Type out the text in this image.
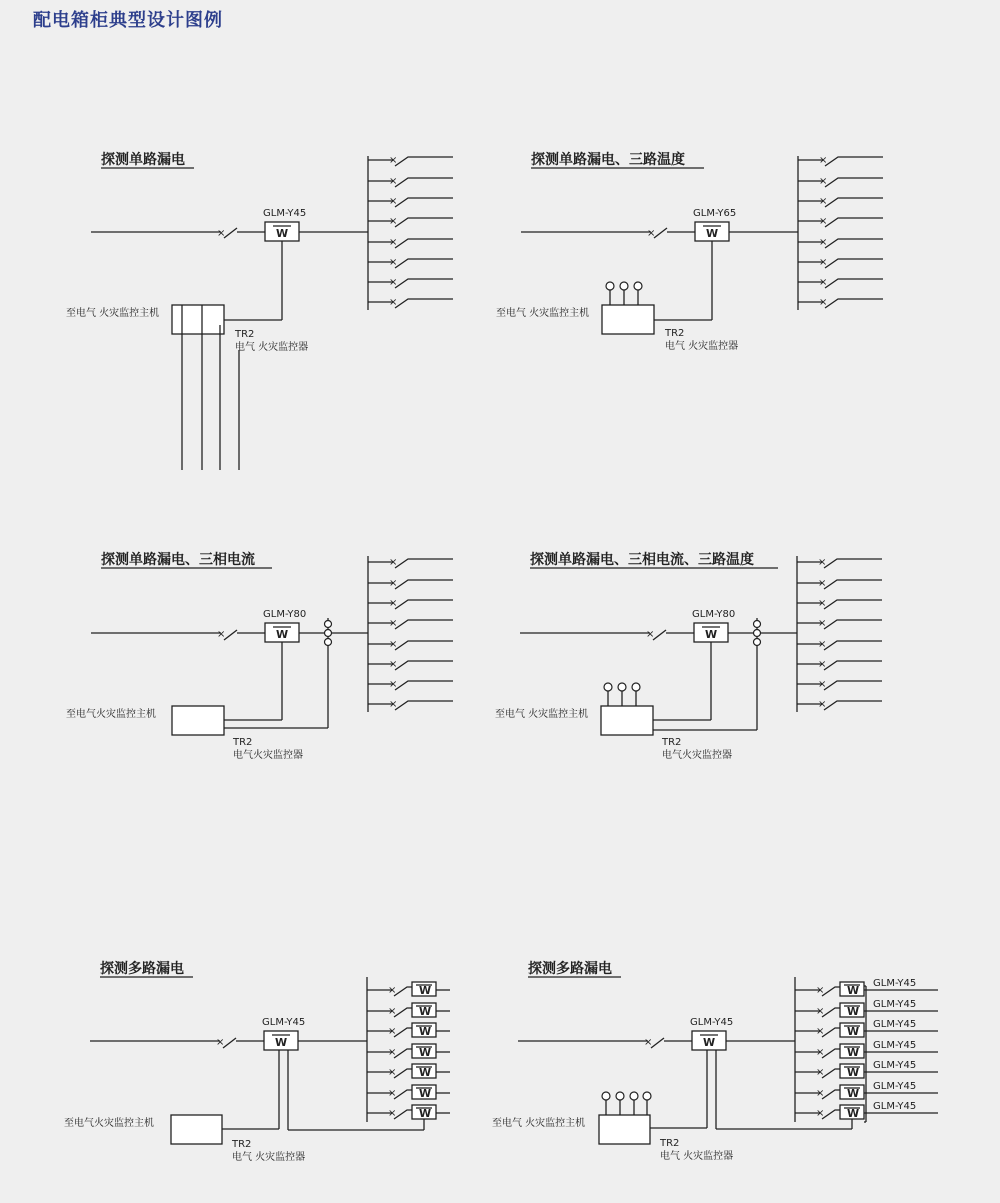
配电箱柜典型设计图例
探测单路漏电
×	W
GLM-Y45
×
×
×
×
×
×
×
×
至电气 火灾监控主机
TR2
电气 火灾监控器
探测单路漏电、三路温度
×	W
GLM-Y65
×
×
×
×
×
×
×
×
至电气 火灾监控主机
TR2
电气 火灾监控器
探测单路漏电、三相电流
×	W
GLM-Y80
×
×
×
×
×
×
×
×
至电气火灾监控主机
TR2
电气火灾监控器
探测单路漏电、三相电流、三路温度
×	W
GLM-Y80
×
×
×
×
×
×
×
×
至电气 火灾监控主机
TR2
电气火灾监控器
探测多路漏电
×	W
GLM-Y45
×
×
×
×
×
×
×
W
W
W
W
W
W
W
至电气火灾监控主机
TR2
电气 火灾监控器
探测多路漏电
×	W
GLM-Y45
×
×
×
×
×
×
×
W
W
W
W
W
W
W
GLM-Y45
GLM-Y45
GLM-Y45
GLM-Y45
GLM-Y45
GLM-Y45
GLM-Y45
至电气 火灾监控主机
TR2
电气 火灾监控器
